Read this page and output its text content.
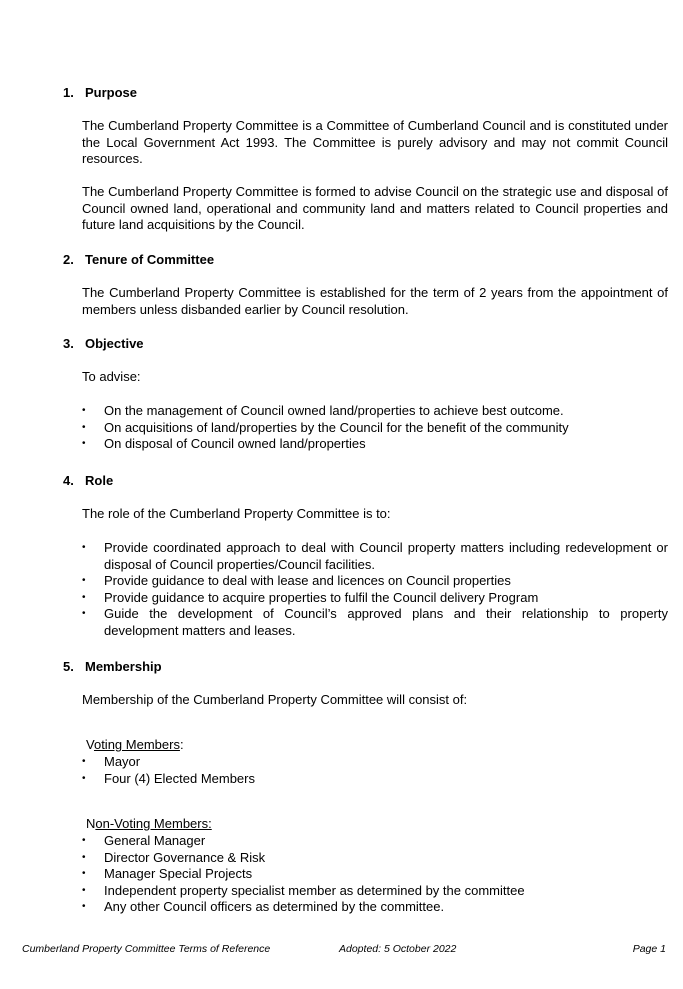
1. Purpose
The Cumberland Property Committee is a Committee of Cumberland Council and is constituted under the Local Government Act 1993. The Committee is purely advisory and may not commit Council resources.
The Cumberland Property Committee is formed to advise Council on the strategic use and disposal of Council owned land, operational and community land and matters related to Council properties and future land acquisitions by the Council.
2. Tenure of Committee
The Cumberland Property Committee is established for the term of 2 years from the appointment of members unless disbanded earlier by Council resolution.
3. Objective
To advise:
• On the management of Council owned land/properties to achieve best outcome.
• On acquisitions of land/properties by the Council for the benefit of the community
• On disposal of Council owned land/properties
4. Role
The role of the Cumberland Property Committee is to:
• Provide coordinated approach to deal with Council property matters including redevelopment or disposal of Council properties/Council facilities.
• Provide guidance to deal with lease and licences on Council properties
• Provide guidance to acquire properties to fulfil the Council delivery Program
• Guide the development of Council’s approved plans and their relationship to property development matters and leases.
5. Membership
Membership of the Cumberland Property Committee will consist of:
Voting Members:
• Mayor
• Four (4) Elected Members
Non-Voting Members:
• General Manager
• Director Governance & Risk
• Manager Special Projects
• Independent property specialist member as determined by the committee
• Any other Council officers as determined by the committee.
Cumberland Property Committee Terms of Reference	Adopted: 5 October 2022	Page 1
